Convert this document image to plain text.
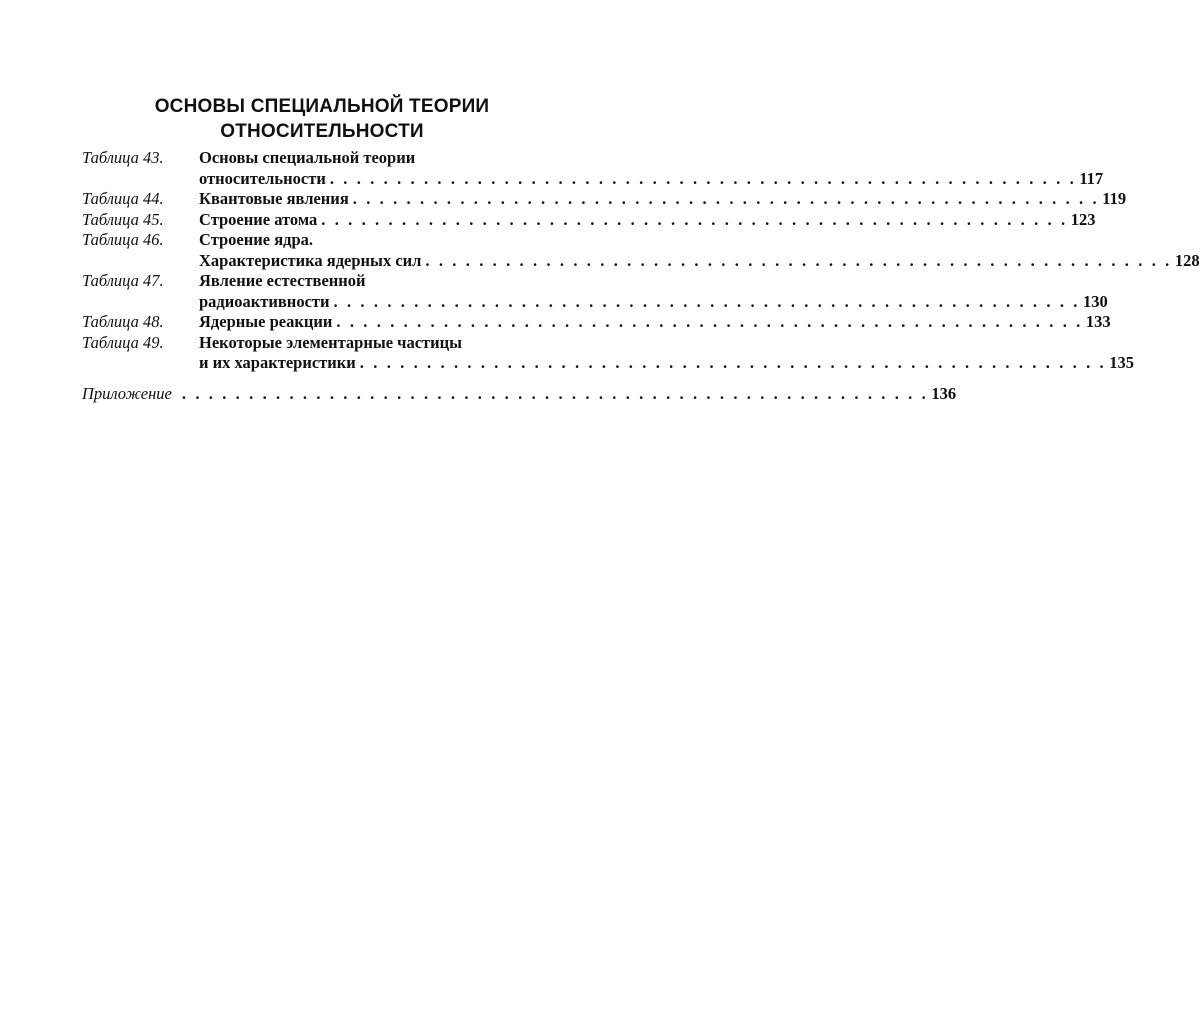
ОСНОВЫ СПЕЦИАЛЬНОЙ ТЕОРИИ
ОТНОСИТЕЛЬНОСТИ
Таблица 43.	Основы специальной теории
относительности . . . . . . . . . . . . . . . . . . . . . . . . . . . . . . . . . . . . . . . . . . . . . . . . . . . . . . . . 117
Таблица 44.	Квантовые явления . . . . . . . . . . . . . . . . . . . . . . . . . . . . . . . . . . . . . . . . . . . . . . . . . . . . . . . . 119
Таблица 45.	Строение атома . . . . . . . . . . . . . . . . . . . . . . . . . . . . . . . . . . . . . . . . . . . . . . . . . . . . . . . . 123
Таблица 46.	Строение ядра.
Характеристика ядерных сил . . . . . . . . . . . . . . . . . . . . . . . . . . . . . . . . . . . . . . . . . . . . . . . . . . . . . . . . 128
Таблица 47.	Явление естественной
радиоактивности . . . . . . . . . . . . . . . . . . . . . . . . . . . . . . . . . . . . . . . . . . . . . . . . . . . . . . . . 130
Таблица 48.	Ядерные реакции . . . . . . . . . . . . . . . . . . . . . . . . . . . . . . . . . . . . . . . . . . . . . . . . . . . . . . . . 133
Таблица 49.	Некоторые элементарные частицы
и их характеристики . . . . . . . . . . . . . . . . . . . . . . . . . . . . . . . . . . . . . . . . . . . . . . . . . . . . . . . . 135
Приложение . . . . . . . . . . . . . . . . . . . . . . . . . . . . . . . . . . . . . . . . . . . . . . . . . . . . . . . . 136
